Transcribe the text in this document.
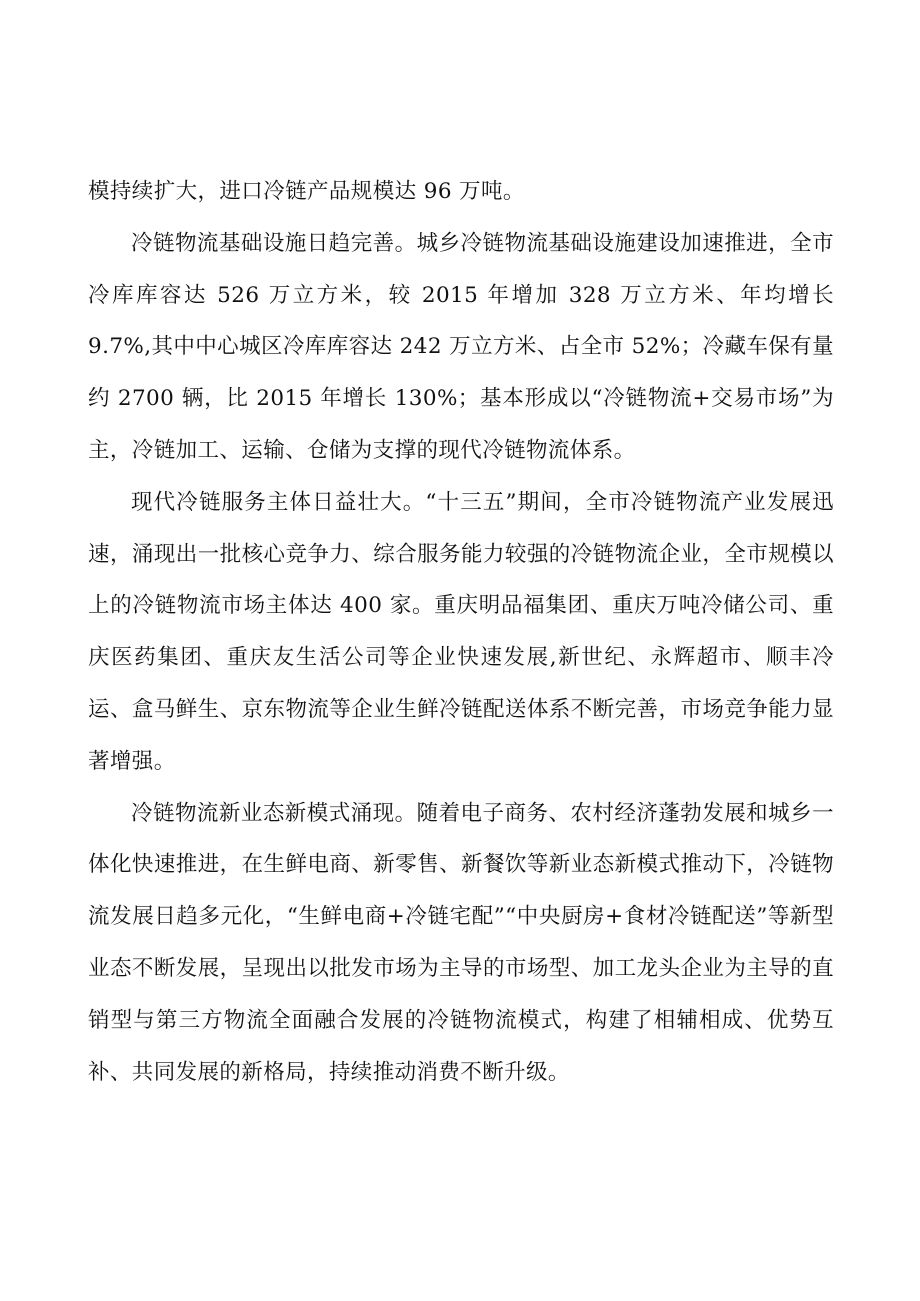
模持续扩大，进口冷链产品规模达 96 万吨。

冷链物流基础设施日趋完善。城乡冷链物流基础设施建设加速推进，全市冷库库容达 526 万立方米，较 2015 年增加 328 万立方米、年均增长 9.7%,其中中心城区冷库库容达 242 万立方米、占全市 52%；冷藏车保有量约 2700 辆，比 2015 年增长 130%；基本形成以“冷链物流+交易市场”为主，冷链加工、运输、仓储为支撑的现代冷链物流体系。

现代冷链服务主体日益壮大。“十三五”期间，全市冷链物流产业发展迅速，涌现出一批核心竞争力、综合服务能力较强的冷链物流企业，全市规模以上的冷链物流市场主体达 400 家。重庆明品福集团、重庆万吨冷储公司、重庆医药集团、重庆友生活公司等企业快速发展,新世纪、永辉超市、顺丰冷运、盒马鲜生、京东物流等企业生鲜冷链配送体系不断完善，市场竞争能力显著增强。

冷链物流新业态新模式涌现。随着电子商务、农村经济蓬勃发展和城乡一体化快速推进，在生鲜电商、新零售、新餐饮等新业态新模式推动下，冷链物流发展日趋多元化，“生鲜电商+冷链宅配”“中央厨房+食材冷链配送”等新型业态不断发展，呈现出以批发市场为主导的市场型、加工龙头企业为主导的直销型与第三方物流全面融合发展的冷链物流模式，构建了相辅相成、优势互补、共同发展的新格局，持续推动消费不断升级。
